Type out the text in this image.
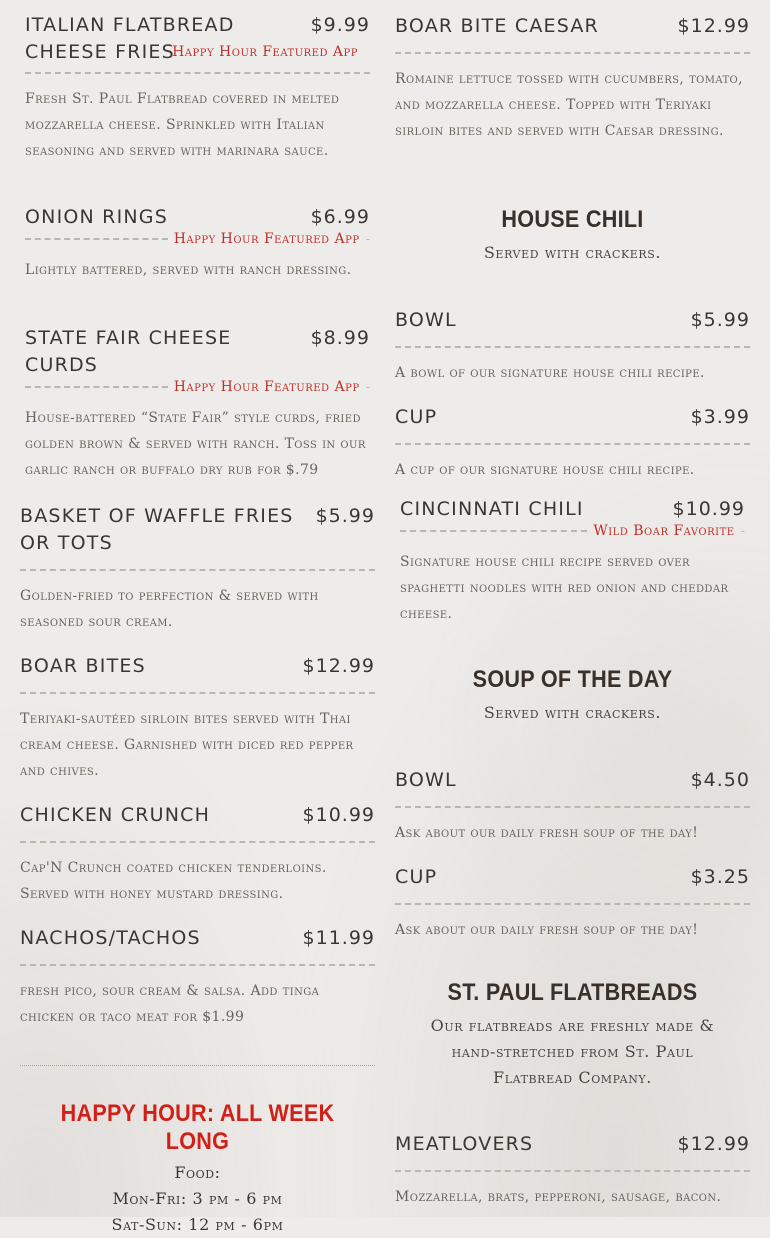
ITALIAN FLATBREAD CHEESE FRIES
$9.99
Happy Hour Featured App
Fresh St. Paul Flatbread covered in melted mozzarella cheese. Sprinkled with Italian seasoning and served with marinara sauce.
ONION RINGS	$6.99
Happy Hour Featured App -
Lightly battered, served with ranch dressing.
STATE FAIR CHEESE CURDS
$8.99
Happy Hour Featured App -
House-battered “State Fair” style curds, fried golden brown & served with ranch. Toss in our garlic ranch or buffalo dry rub for $.79
BASKET OF WAFFLE FRIES OR TOTS
$5.99
Golden-fried to perfection & served with seasoned sour cream.
BOAR BITES	$12.99
Teriyaki-sautéed sirloin bites served with Thai cream cheese. Garnished with diced red pepper and chives.
CHICKEN CRUNCH	$10.99
Cap'N Crunch coated chicken tenderloins. Served with honey mustard dressing.
NACHOS/TACHOS	$11.99
fresh pico, sour cream & salsa. Add tinga chicken or taco meat for $1.99
HAPPY HOUR: ALL WEEK LONG
Food:
Mon-Fri: 3 pm - 6 pm
Sat-Sun: 12 pm - 6pm
BOAR BITE CAESAR	$12.99
Romaine lettuce tossed with cucumbers, tomato, and mozzarella cheese. Topped with Teriyaki sirloin bites and served with Caesar dressing.
HOUSE CHILI
Served with crackers.
BOWL	$5.99
A bowl of our signature house chili recipe.
CUP	$3.99
A cup of our signature house chili recipe.
CINCINNATI CHILI	$10.99
Wild Boar Favorite -
Signature house chili recipe served over spaghetti noodles with red onion and cheddar cheese.
SOUP OF THE DAY
Served with crackers.
BOWL	$4.50
Ask about our daily fresh soup of the day!
CUP	$3.25
Ask about our daily fresh soup of the day!
ST. PAUL FLATBREADS
Our flatbreads are freshly made & hand-stretched from St. Paul Flatbread Company.
MEATLOVERS	$12.99
Mozzarella, brats, pepperoni, sausage, bacon.
